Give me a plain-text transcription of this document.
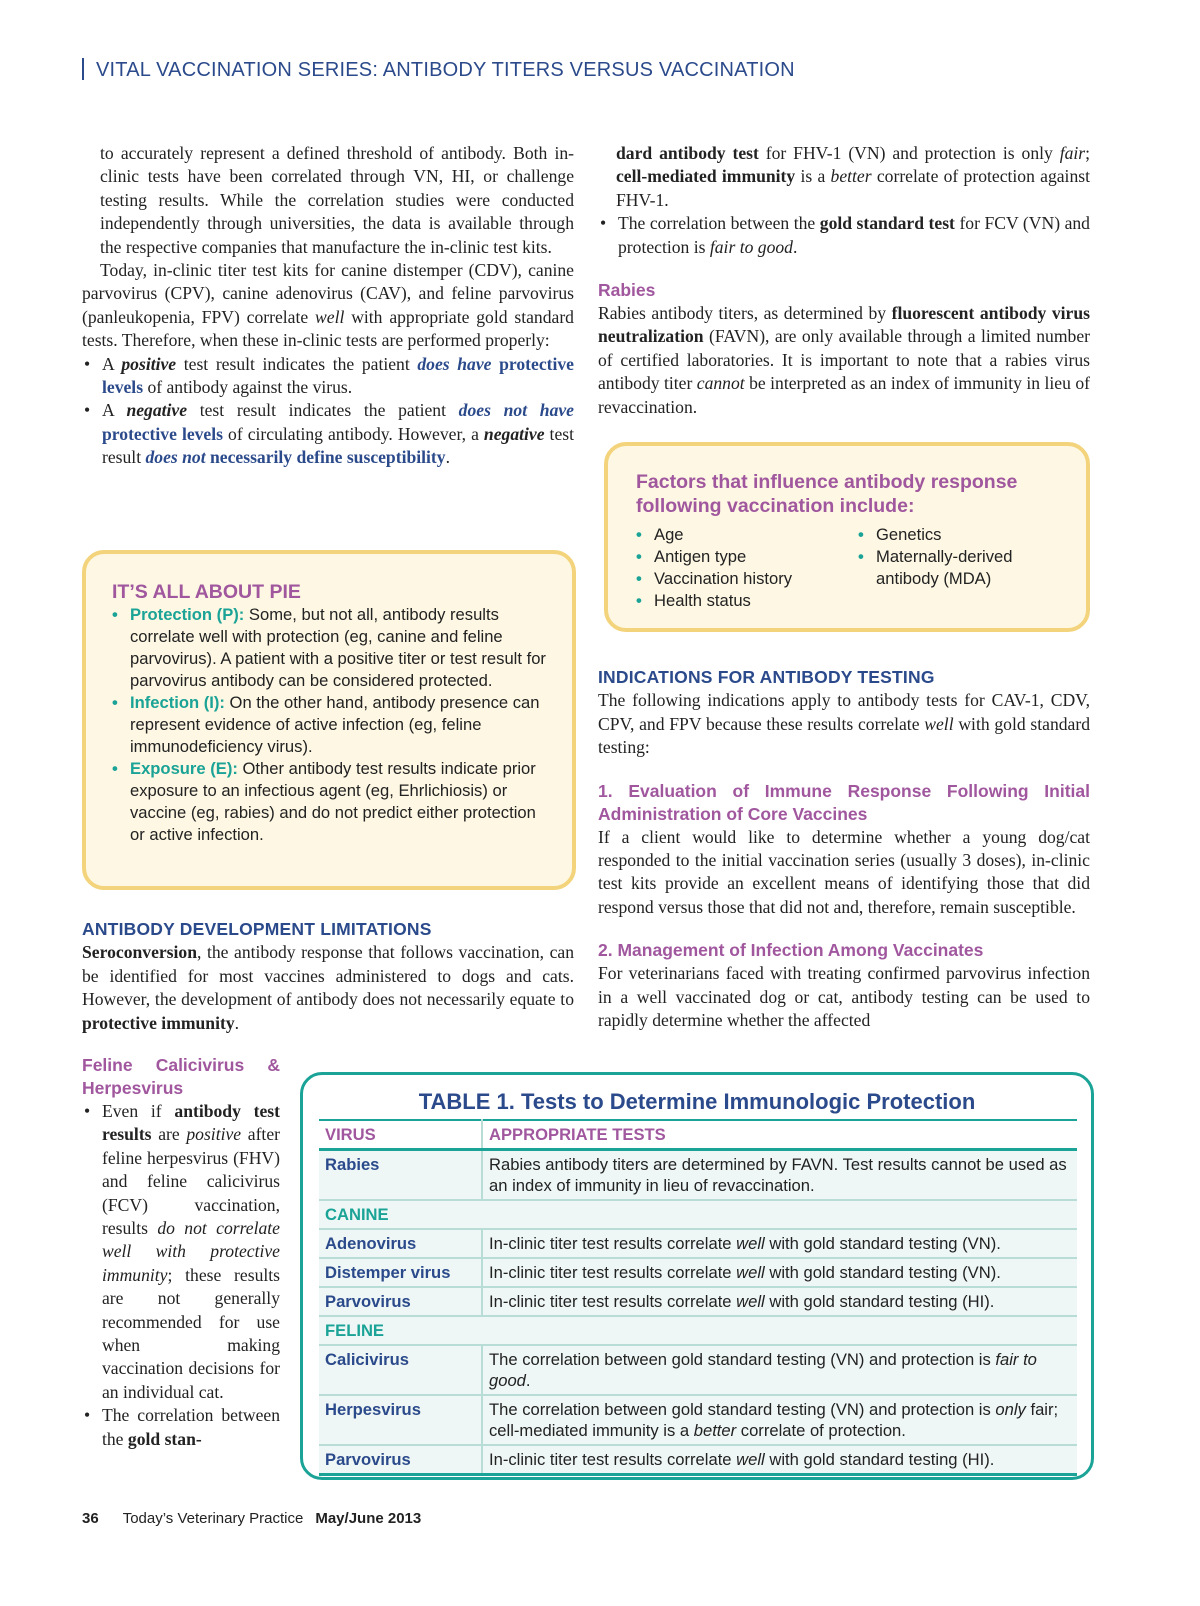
VITAL VACCINATION SERIES: ANTIBODY TITERS VERSUS VACCINATION

to accurately represent a defined threshold of antibody. Both in-clinic tests have been correlated through VN, HI, or challenge testing results. While the correlation studies were conducted independently through universities, the data is available through the respective companies that manufacture the in-clinic test kits.

Today, in-clinic titer test kits for canine distemper (CDV), canine parvovirus (CPV), canine adenovirus (CAV), and feline parvovirus (panleukopenia, FPV) correlate well with appropriate gold standard tests. Therefore, when these in-clinic tests are performed properly:

• A positive test result indicates the patient does have protective levels of antibody against the virus.
• A negative test result indicates the patient does not have protective levels of circulating antibody. However, a negative test result does not necessarily define susceptibility.
IT’S ALL ABOUT PIE
• Protection (P): Some, but not all, antibody results correlate well with protection (eg, canine and feline parvovirus). A patient with a positive titer or test result for parvovirus antibody can be considered protected.
• Infection (I): On the other hand, antibody presence can represent evidence of active infection (eg, feline immunodeficiency virus).
• Exposure (E): Other antibody test results indicate prior exposure to an infectious agent (eg, Ehrlichiosis) or vaccine (eg, rabies) and do not predict either protection or active infection.
ANTIBODY DEVELOPMENT LIMITATIONS

Seroconversion, the antibody response that follows vaccination, can be identified for most vaccines administered to dogs and cats. However, the development of antibody does not necessarily equate to protective immunity.

Feline Calicivirus & Herpesvirus
• Even if antibody test results are positive after feline herpesvirus (FHV) and feline calicivirus (FCV) vaccination, results do not correlate well with protective immunity; these results are not generally recommended for use when making vaccination decisions for an individual cat.
• The correlation between the gold stan-

dard antibody test for FHV-1 (VN) and protection is only fair; cell-mediated immunity is a better correlate of protection against FHV-1.

• The correlation between the gold standard test for FCV (VN) and protection is fair to good.
Rabies

Rabies antibody titers, as determined by fluorescent antibody virus neutralization (FAVN), are only available through a limited number of certified laboratories. It is important to note that a rabies virus antibody titer cannot be interpreted as an index of immunity in lieu of revaccination.

Factors that influence antibody response following vaccination include:
• Age
• Antigen type
• Vaccination history
• Health status
• Genetics
• Maternally-derived antibody (MDA)
INDICATIONS FOR ANTIBODY TESTING

The following indications apply to antibody tests for CAV-1, CDV, CPV, and FPV because these results correlate well with gold standard testing:

1. Evaluation of Immune Response Following Initial Administration of Core Vaccines

If a client would like to determine whether a young dog/cat responded to the initial vaccination series (usually 3 doses), in-clinic test kits provide an excellent means of identifying those that did respond versus those that did not and, therefore, remain susceptible.

2. Management of Infection Among Vaccinates

For veterinarians faced with treating confirmed parvovirus infection in a well vaccinated dog or cat, antibody testing can be used to rapidly determine whether the affected

TABLE 1. Tests to Determine Immunologic Protection
VIRUS	APPROPRIATE TESTS
Rabies	Rabies antibody titers are determined by FAVN. Test results cannot be used as an index of immunity in lieu of revaccination.
CANINE	
Adenovirus	In-clinic titer test results correlate well with gold standard testing (VN).
Distemper virus	In-clinic titer test results correlate well with gold standard testing (VN).
Parvovirus	In-clinic titer test results correlate well with gold standard testing (HI).
FELINE	
Calicivirus	The correlation between gold standard testing (VN) and protection is fair to good.
Herpesvirus	The correlation between gold standard testing (VN) and protection is only fair; cell-mediated immunity is a better correlate of protection.
Parvovirus	In-clinic titer test results correlate well with gold standard testing (HI).
36 Today’s Veterinary Practice May/June 2013
